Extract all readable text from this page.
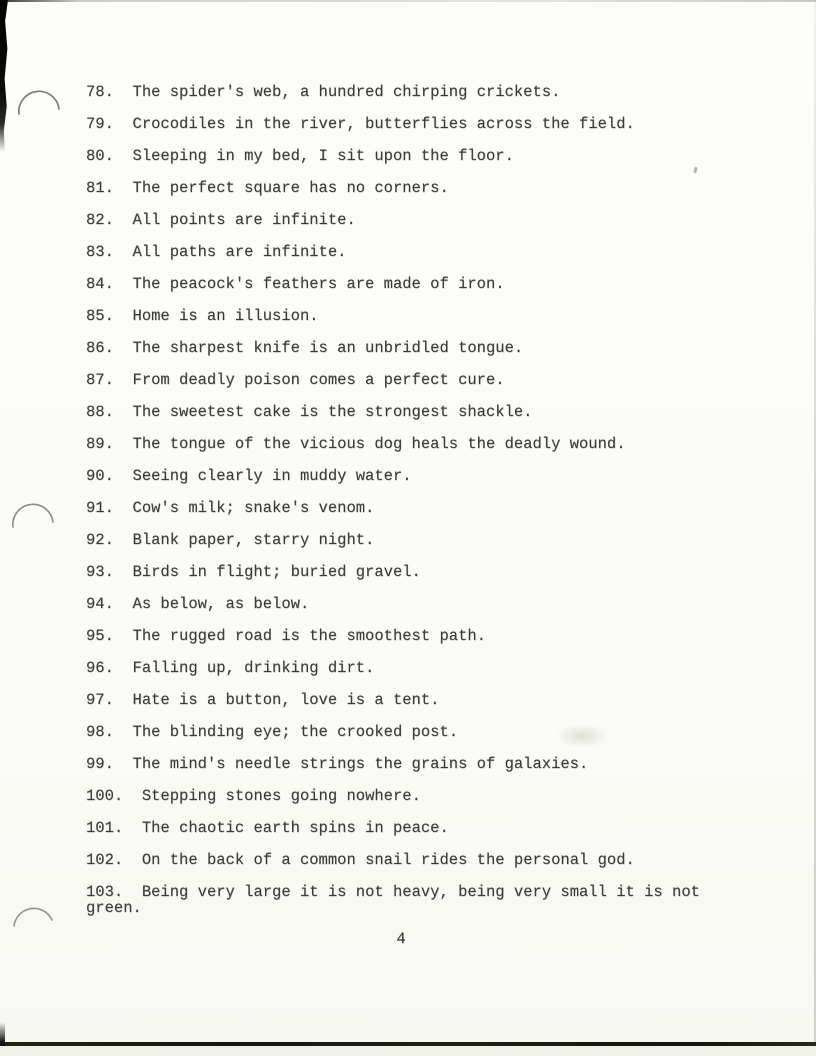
78. The spider's web, a hundred chirping crickets.
79. Crocodiles in the river, butterflies across the field.
80. Sleeping in my bed, I sit upon the floor.
81. The perfect square has no corners.
82. All points are infinite.
83. All paths are infinite.
84. The peacock's feathers are made of iron.
85. Home is an illusion.
86. The sharpest knife is an unbridled tongue.
87. From deadly poison comes a perfect cure.
88. The sweetest cake is the strongest shackle.
89. The tongue of the vicious dog heals the deadly wound.
90. Seeing clearly in muddy water.
91. Cow's milk; snake's venom.
92. Blank paper, starry night.
93. Birds in flight; buried gravel.
94. As below, as below.
95. The rugged road is the smoothest path.
96. Falling up, drinking dirt.
97. Hate is a button, love is a tent.
98. The blinding eye; the crooked post.
99. The mind's needle strings the grains of galaxies.
100. Stepping stones going nowhere.
101. The chaotic earth spins in peace.
102. On the back of a common snail rides the personal god.
103. Being very large it is not heavy, being very small it is not green.
4
